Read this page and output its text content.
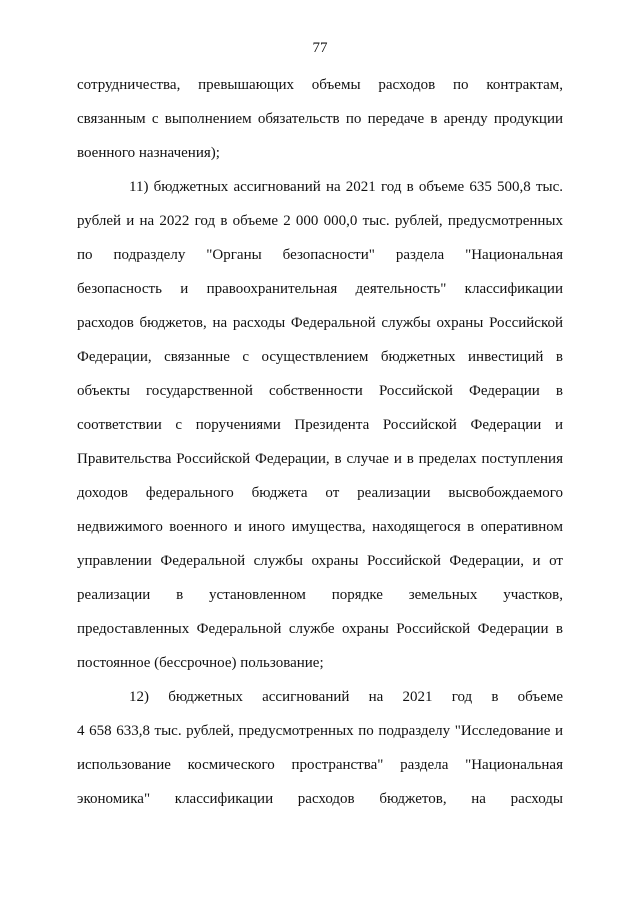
77
сотрудничества, превышающих объемы расходов по контрактам,
связанным с выполнением обязательств по передаче в аренду продукции
военного назначения);
11) бюджетных ассигнований на 2021 год в объеме 635 500,8 тыс.
рублей и на 2022 год в объеме 2 000 000,0 тыс. рублей, предусмотренных
по подразделу "Органы безопасности" раздела "Национальная
безопасность и правоохранительная деятельность" классификации
расходов бюджетов, на расходы Федеральной службы охраны Российской
Федерации, связанные с осуществлением бюджетных инвестиций в
объекты государственной собственности Российской Федерации в
соответствии с поручениями Президента Российской Федерации и
Правительства Российской Федерации, в случае и в пределах поступления
доходов федерального бюджета от реализации высвобождаемого
недвижимого военного и иного имущества, находящегося в оперативном
управлении Федеральной службы охраны Российской Федерации, и от
реализации в установленном порядке земельных участков,
предоставленных Федеральной службе охраны Российской Федерации в
постоянное (бессрочное) пользование;
12) бюджетных ассигнований на 2021 год в объеме
4 658 633,8 тыс. рублей, предусмотренных по подразделу "Исследование и
использование космического пространства" раздела "Национальная
экономика" классификации расходов бюджетов, на расходы
